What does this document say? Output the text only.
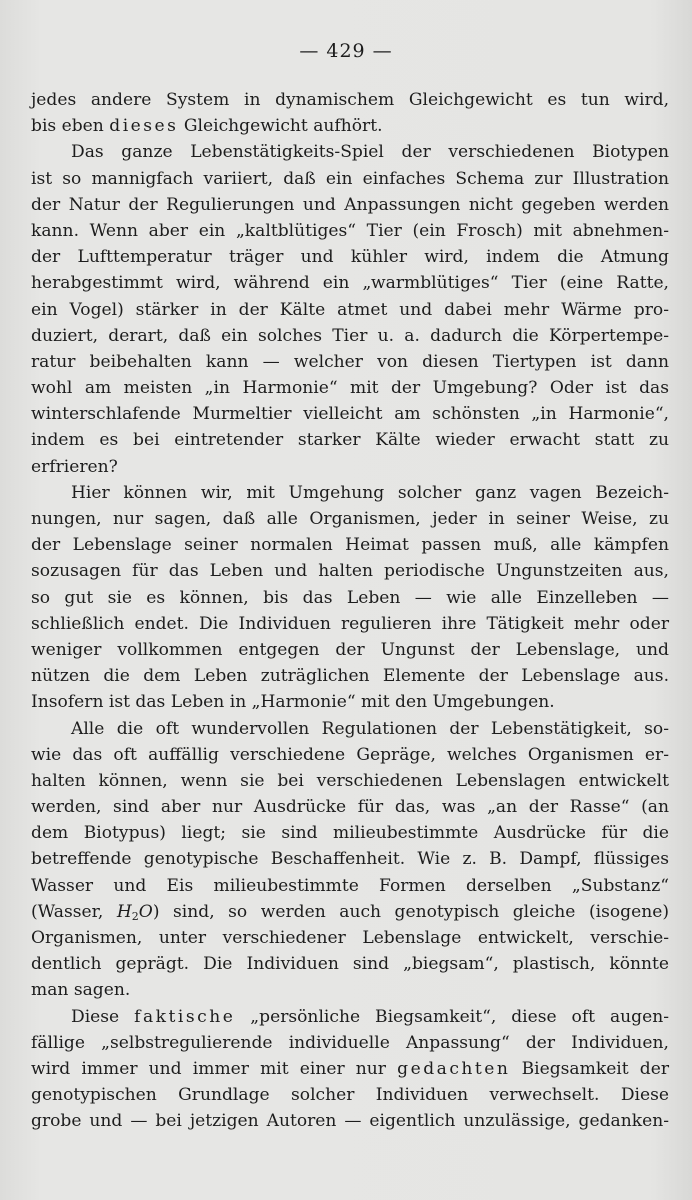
— 429 —
jedes andere System in dynamischem Gleichgewicht es tun wird,
bis eben dieses Gleichgewicht aufhört.
Das ganze Lebenstätigkeits-Spiel der verschiedenen Biotypen
ist so mannigfach variiert, daß ein einfaches Schema zur Illustration
der Natur der Regulierungen und Anpassungen nicht gegeben werden
kann. Wenn aber ein „kaltblütiges“ Tier (ein Frosch) mit abnehmen-
der Lufttemperatur träger und kühler wird, indem die Atmung
herabgestimmt wird, während ein „warmblütiges“ Tier (eine Ratte,
ein Vogel) stärker in der Kälte atmet und dabei mehr Wärme pro-
duziert, derart, daß ein solches Tier u. a. dadurch die Körpertempe-
ratur beibehalten kann — welcher von diesen Tiertypen ist dann
wohl am meisten „in Harmonie“ mit der Umgebung? Oder ist das
winterschlafende Murmeltier vielleicht am schönsten „in Harmonie“,
indem es bei eintretender starker Kälte wieder erwacht statt zu
erfrieren?
Hier können wir, mit Umgehung solcher ganz vagen Bezeich-
nungen, nur sagen, daß alle Organismen, jeder in seiner Weise, zu
der Lebenslage seiner normalen Heimat passen muß, alle kämpfen
sozusagen für das Leben und halten periodische Ungunstzeiten aus,
so gut sie es können, bis das Leben — wie alle Einzelleben —
schließlich endet. Die Individuen regulieren ihre Tätigkeit mehr oder
weniger vollkommen entgegen der Ungunst der Lebenslage, und
nützen die dem Leben zuträglichen Elemente der Lebenslage aus.
Insofern ist das Leben in „Harmonie“ mit den Umgebungen.
Alle die oft wundervollen Regulationen der Lebenstätigkeit, so-
wie das oft auffällig verschiedene Gepräge, welches Organismen er-
halten können, wenn sie bei verschiedenen Lebenslagen entwickelt
werden, sind aber nur Ausdrücke für das, was „an der Rasse“ (an
dem Biotypus) liegt; sie sind milieubestimmte Ausdrücke für die
betreffende genotypische Beschaffenheit. Wie z. B. Dampf, flüssiges
Wasser und Eis milieubestimmte Formen derselben „Substanz“
(Wasser, $H_2O$) sind, so werden auch genotypisch gleiche (isogene)
Organismen, unter verschiedener Lebenslage entwickelt, verschie-
dentlich geprägt. Die Individuen sind „biegsam“, plastisch, könnte
man sagen.
Diese faktische „persönliche Biegsamkeit“, diese oft augen-
fällige „selbstregulierende individuelle Anpassung“ der Individuen,
wird immer und immer mit einer nur gedachten Biegsamkeit der
genotypischen Grundlage solcher Individuen verwechselt. Diese
grobe und — bei jetzigen Autoren — eigentlich unzulässige, gedanken-
